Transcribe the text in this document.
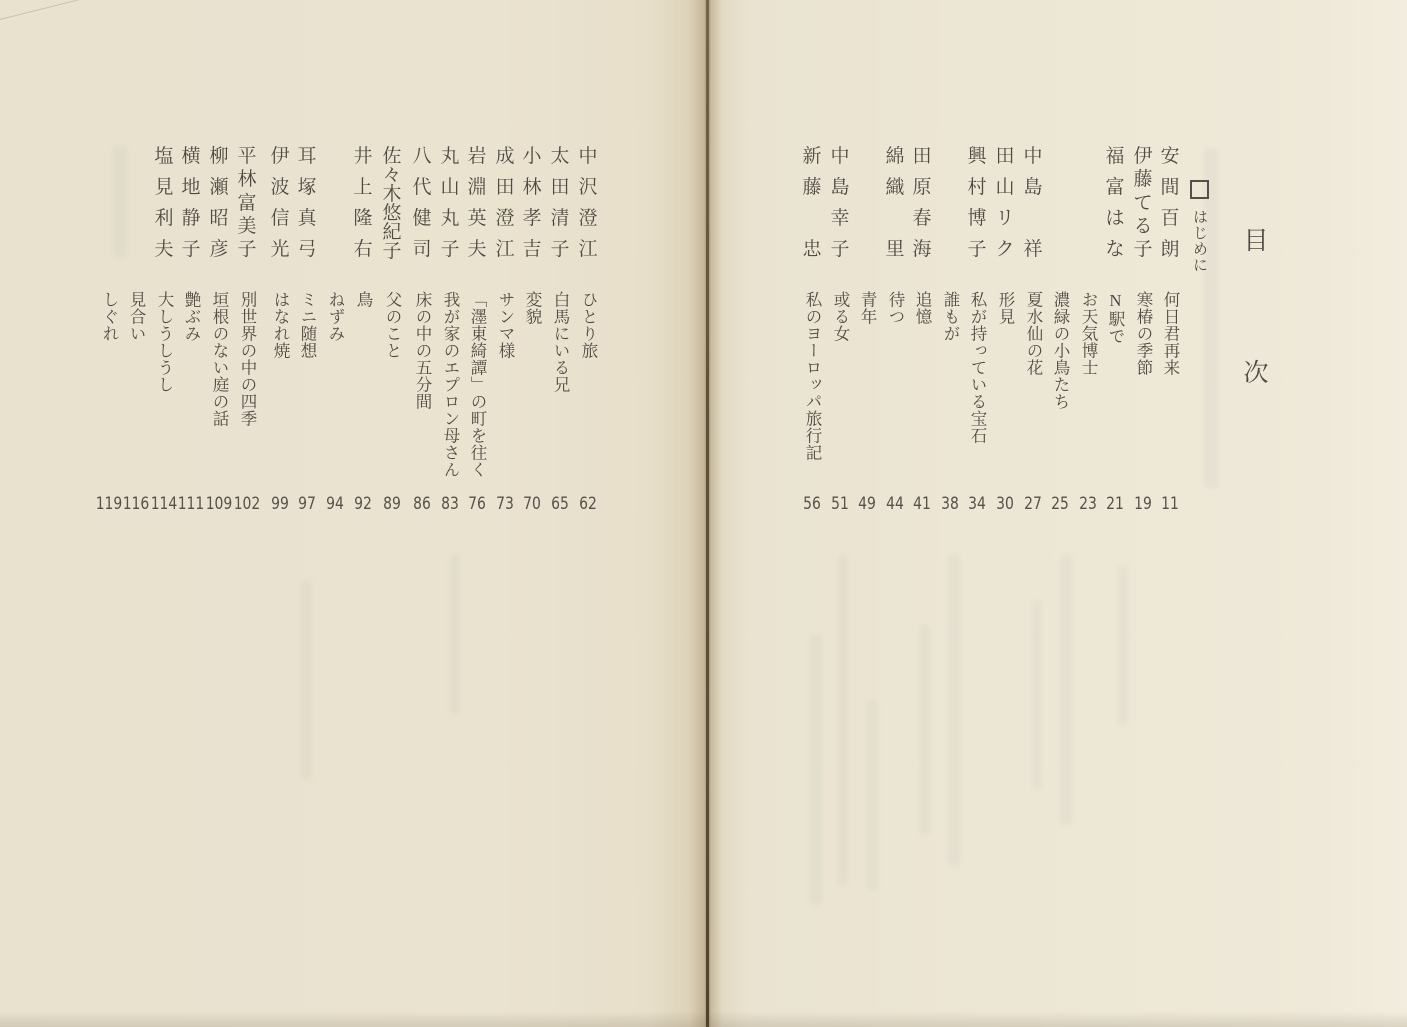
目　次
はじめに
安
間
百
朗
何日君再来
11
伊
藤
て
る
子
寒椿の季節
19
福
富
は
な
N駅で
21
お天気博士
23
濃緑の小鳥たち
25
中
島

祥
夏水仙の花
27
田
山
リ
ク
形見
30
興
村
博
子
私が持っている宝石
34
誰もが
38
田
原
春
海
追憶
41
綿
織

里
待つ
44
青年
49
中
島
幸
子
或る女
51
新
藤

忠
私のヨーロッパ旅行記
56
中
沢
澄
江
ひとり旅
62
太
田
清
子
白馬にいる兄
65
小
林
孝
吉
変貌
70
成
田
澄
江
サンマ様
73
岩
淵
英
夫
「濹東綺譚」の町を往く
76
丸
山
丸
子
我が家のエプロン母さん
83
八
代
健
司
床の中の五分間
86
佐
々
木
悠
紀
子
父のこと
89
井
上
隆
右
鳥
92
ねずみ
94
耳
塚
真
弓
ミニ随想
97
伊
波
信
光
はなれ焼
99
平
林
富
美
子
別世界の中の四季
102
柳
瀬
昭
彦
垣根のない庭の話
109
横
地
静
子
艶ぶみ
111
塩
見
利
夫
大しうしうし
114
見合い
116
しぐれ
119
